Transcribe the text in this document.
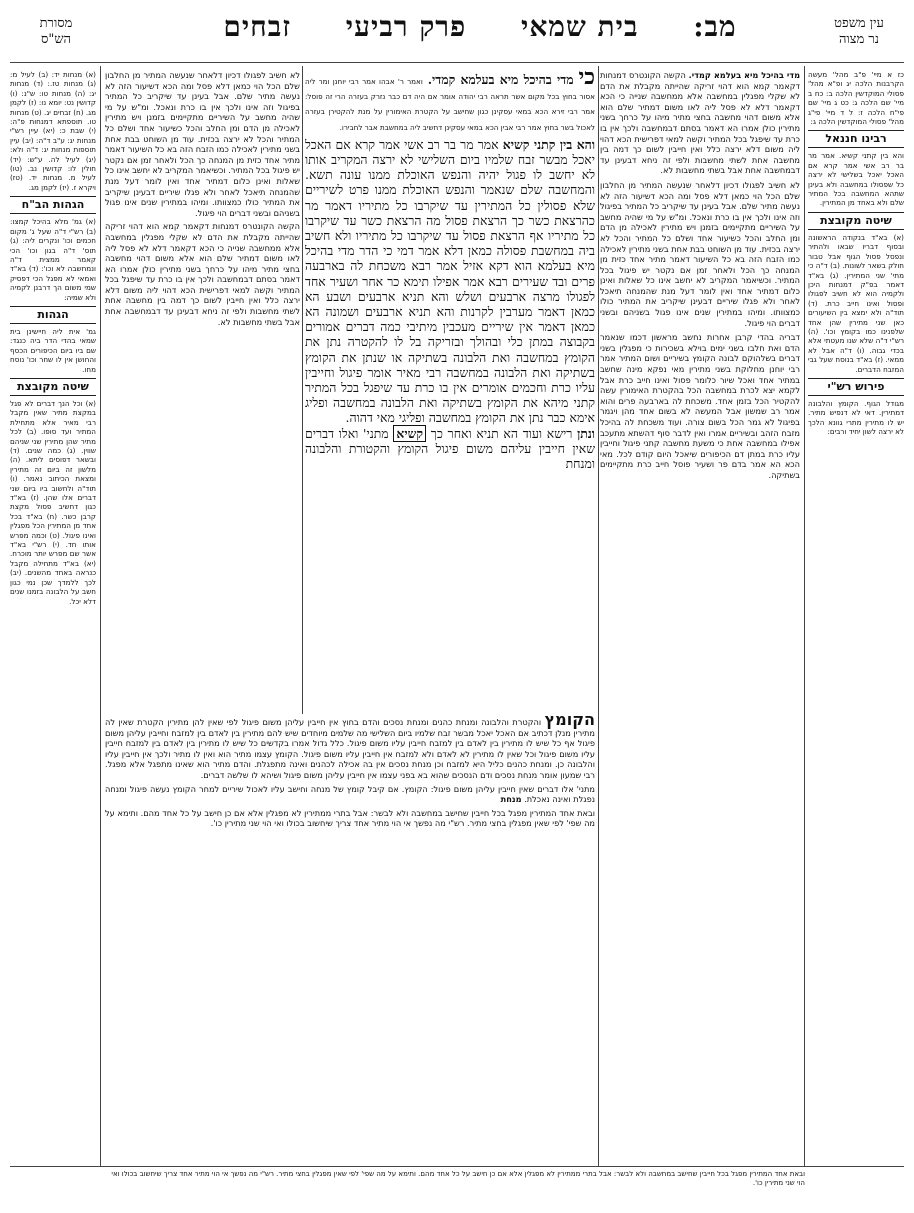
מסורת
הש"ס	מב: בית שמאי פרק רביעי זבחים	עין משפט
נר מצוה

כז א מיי' פ"ב מהל' מעשה הקרבנות הלכה יג ופ"א מהל' פסולי המוקדשין הלכה ב: כח ב מיי' שם הלכה ג: כט ג מיי' שם פי"ח הלכה ז: ל ד מיי' פי"ג מהל' פסולי המוקדשין הלכה ג:

רבינו חננאל

והא בין קתני קשיא. אמר מר בר רב אשי אמר קרא אם האכל יאכל בשלישי לא ירצה כל שפסולו במחשבה ולא בעינן שתהא המחשבה בכל המתיר שלם ולא באחד מן המתירין.

שיטה מקובצת

(א) בא"ד בנקודה הראשונה ובסוף דבריו שבאו ולהתיר ונפסל פסול הגוף אבל טבור חולק בשאר לשונות. (ב) ד"ה כי מתי' שני המתירין. (ג) בא"ד דאמר בפ"ק דמנחות היכן ולקמיה הוא לא חשיב לפגולו ופסול ואינו חייב כרת. (ד) תוד"ה ולא ימצא בין השיעורים כאן שני מתירין שהן אחד שלפנינו כמו בקומץ וכו'. (ה) רש"י ד"ה שלא שנו מעטתי אלא בכדי גבוה. (ו) ד"ה אבל לא ממאי. (ז) בא"ד בנוסח שעל גבי המזבח הדברים.

פירוש רש"י

מגודל הגוף. הקומץ והלבונה דמתירין. דאי לא דנפיש מתיר. יש לו מתירין מתרי גוונא הלכך לא ירצה לשון יחיד ורבים:

מדי בהיכל מיא בעלמא קמדי. הקשה הקונטרס דמנחות דקאמר קמא הוא דהוי זריקה שהייתה מקבלת את הדם לא שקלי מפגלין במחשבה אלא ממחשבה שנייה כי הכא דקאמר דלא לא פסל ליה לאו משום דמתיר שלם הוא אלא משום דהוי מחשבה בחצי מתיר מיהו על כרחך בשני מתירין כולן אמרו הא דאמר בסתם דבמחשבה ולכך אין בו כרת עד שיפגל בכל המתיר וקשה למאי דפרישית הכא דהוי ליה משום דלא ירצה כלל ואין חייבין לשום כך דמה בין מחשבה אחת לשתי מחשבות ולפי זה ניחא דבעינן עד דבמחשבה אחת אבל בשתי מחשבות לא.

לא חשיב לפגולו דכיון דלאחר שנעשה המתיר מן החלבון שלם הכל הוי כמאן דלא פסל ומה הכא דשיעור הזה לא נעשה מתיר שלם. אבל בעינן עד שיקריב כל המתיר בפיגול וזה אינו ולכך אין בו כרת ונאכל. ומ"ש על מי שהיה מחשב על השיריים מתקיימים בזמנן ויש מתירין לאכילה מן הדם ומן החלב והכל כשיעור אחד ושלם כל המתיר והכל לא ירצה בכזית. עוד מן השוחט בבת אחת בשני מתירין לאכילה כמו הזבח הזה בא כל השיעור דאמר מתיר אחד כזית מן המנחה כך הכל ולאחר זמן אם נקטר יש פיגול בכל המתיר. וכשיאמר המקריב לא יחשב אינו כל שאלות ואינן כלום דמתיר אחד ואין לומר דעל מנת שהמנחה תיאכל לאחר ולא פגלו שיריים דבעינן שיקריב את המתיר כולו כמצוותו. ומיהו במתירין שנים אינו פגול בשניהם ובשני דברים הוי פיגול.

דבריה בהדי קרבן אחרות נחשב מראשון דכמו שנאמר הדם ואת חלבו בשני ימים בוילא בשכירות כי מפגלין בשני דברים בשלהוקם לבונה הקומץ בשיריים ושום המתיר אמר רבי יוחנן מחלוקת בשני מתירין מאי נפקא מינה שחשב במתיר אחד ואכל שיור כלומר פסול ואינו חייב כרת אבל לקמא יצא לכרת במחשבה הכל בהקטרת האימורין עשה להקטיר הכל בזמן אחד. משכחת לה בארבעה פרים והוא אמר רב שמשון אבל המעשה לא בשום אחד מהן ויגמר בפיגול לא גמר הכל בשום צורה. ועוד משכחת לה בהיכל מזבח הזהב ובשיריים אמרו ואין לדבר סוף דהשתא מתעכב אפילו במחשבה אחת כי משעת מחשבה קתני פיגול וחייבין עליו כרת במתן דם הכיפורים שיאכל היום קודם לכל. מאי הכא הא אמר בדם פר ושעיר פוסל חייב כרת מתקיימים בשתיקה.

כי מדי בהיכל מיא בעלמא קמדי. ואמר ר' אבהו אמר רבי יוחנן ומר ליה אסור בחוץ בכל מקום אשר תראה רבי יהודה אומר אם היה דם כבר נזרק בעזרה הרי זה פוסל: אמר רבי זירא הכא במאי עסקינן כגון שחישב על הקטרת האימורין על מנת להקטירן בעזרה לאכול בשר בחוץ אמר רבי אבין הכא במאי עסקינן דחשיב ליה במחשבת אבר לחבירו.

והא בין קתני קשיא אמר מר בר רב אשי אמר קרא אם האכל יאכל מבשר זבח שלמיו ביום השלישי לא ירצה המקריב אותו לא יחשב לו פגול יהיה והנפש האוכלת ממנו עונה תשא. והמחשבה שלם שנאמר והנפש האוכלת ממנו פרט לשיריים שלא פסולין כל המתירין עד שיקרבו כל מתיריו דאמר מר כהרצאת כשר כך הרצאת פסול מה הרצאת כשר עד שיקרבו כל מתיריו אף הרצאת פסול עד שיקרבו כל מתיריו ולא חשיב ביה במחשבת פסולה כמאן דלא אמר דמי כי הדר מדי בהיכל מיא בעלמא הוא דקא אזיל אמר רבא משכחת לה בארבעה פרים ובד שעירים רבא אמר אפילו תימא כר אחר ושעיר אחד לפגולו מרצה ארבעים ושלש והא תניא ארבעים ושבע הא כמאן דאמר מערבין לקרנות והא תניא ארבעים ושמונה הא כמאן דאמר אין שיריים מעכבין מיתיבי כמה דברים אמורים בקבוצה במתן כלי ובהולך ובזריקה בל לו להקטרה נתן את הקומץ במחשבה ואת הלבונה בשתיקה או שנתן את הקומץ בשתיקה ואת הלבונה במחשבה רבי מאיר אומר פיגול וחייבין עליו כרת וחכמים אומרים אין בו כרת עד שיפגל בכל המתיר קתני מיהא את הקומץ בשתיקה ואת הלבונה במחשבה ופליג אימא כבר נתן את הקומץ במחשבה ופליגי מאי דהוה.

ונתן רישא ועוד הא תניא ואחר כך קשיא מתני' ואלו דברים שאין חייבין עליהם משום פיגול הקומץ והקטורת והלבונה ומנחת

לא חשיב לפגולו דכיון דלאחר שנעשה המתיר מן החלבון שלם הכל הוי כמאן דלא פסל ומה הכא דשיעור הזה לא נעשה מתיר שלם. אבל בעינן עד שיקריב כל המתיר בפיגול וזה אינו ולכך אין בו כרת ונאכל. ומ"ש על מי שהיה מחשב על השיריים מתקיימים בזמנן ויש מתירין לאכילה מן הדם ומן החלב והכל כשיעור אחד ושלם כל המתיר והכל לא ירצה בכזית. עוד מן השוחט בבת אחת בשני מתירין לאכילה כמו הזבח הזה בא כל השיעור דאמר מתיר אחד כזית מן המנחה כך הכל ולאחר זמן אם נקטר יש פיגול בכל המתיר. וכשיאמר המקריב לא יחשב אינו כל שאלות ואינן כלום דמתיר אחד ואין לומר דעל מנת שהמנחה תיאכל לאחר ולא פגלו שיריים דבעינן שיקריב את המתיר כולו כמצוותו. ומיהו במתירין שנים אינו פגול בשניהם ובשני דברים הוי פיגול.

הקשה הקונטרס דמנחות דקאמר קמא הוא דהוי זריקה שהייתה מקבלת את הדם לא שקלי מפגלין במחשבה אלא ממחשבה שנייה כי הכא דקאמר דלא לא פסל ליה לאו משום דמתיר שלם הוא אלא משום דהוי מחשבה בחצי מתיר מיהו על כרחך בשני מתירין כולן אמרו הא דאמר בסתם דבמחשבה ולכך אין בו כרת עד שיפגל בכל המתיר וקשה למאי דפרישית הכא דהוי ליה משום דלא ירצה כלל ואין חייבין לשום כך דמה בין מחשבה אחת לשתי מחשבות ולפי זה ניחא דבעינן עד דבמחשבה אחת אבל בשתי מחשבות לא.

הקומץ והקטרת והלבונה ומנחת כהנים ומנחת נסכים והדם בחוץ אין חייבין עליהן משום פיגול לפי שאין להן מתירין הקטרת שאין לה מתירין מנלן דכתיב אם האכל יאכל מבשר זבח שלמיו ביום השלישי מה שלמים מיוחדים שיש להם מתירין בין לאדם בין למזבח וחייבין עליהן משום פיגול אף כל שיש לו מתירין בין לאדם בין למזבח חייבין עליו משום פיגול. כלל גדול אמרו בקדשים כל שיש לו מתירין בין לאדם בין למזבח חייבין עליו משום פיגול וכל שאין לו מתירין לא לאדם ולא למזבח אין חייבין עליו משום פיגול. הקומץ עצמו מתיר הוא ואין לו מתיר ולכך אין חייבין עליו והלבונה כן. ומנחת כהנים כליל היא למזבח וכן מנחת נסכים אין בה אכילה לכהנים ואינה מתפגלת. והדם מתיר הוא שאינו מתפגל אלא מפגל. רבי שמעון אומר מנחת נסכים ודם הנסכים שהוא בא בפני עצמו אין חייבין עליהן משום פיגול ושיהא לו שלשה דברים.

מתני' אלו דברים שאין חייבין עליהן משום פיגול: הקומץ. אם קיבל קומץ של מנחה וחישב עליו לאכול שיריים למחר הקומץ נעשה פיגול ומנחה נפגלת ואינה נאכלת. מנחת

ובאת אחד המתירין מפגל בכל חייבין שחישב במחשבה ולא לבשר: אבל בתרי ממתירין לא מפגלין אלא אם כן חישב על כל אחד מהם. ותימא על מה שפי' לפי שאין מפגלין בחצי מתיר. רש"י מה נפשך אי הוי מתיר אחד צריך שיחשוב בכולו ואי הוי שני מתירין כו'.

(א) מנחות יד: (ב) לעיל מ: (ג) מנחות טז.: (ד) מנחות יג: (ה) מנחות טו: ש"נ: (ו) קדושין נט: יומא נו: (ז) לקמן מג. (ח) זבחים יג. (ט) מנחות טו. תוספתא דמנחות פ"ה: (י) שבת כ: (יא) עיין רש"י מנחות יג: ע"ב ד"ה: (יב) עיין תוספות מנחות יג: ד"ה ולא: (יג) לעיל לה. ע"ש: (יד) חולין לו: קדושין נב. (טו) לעיל מ. מנחות יד. (טז) ויקרא ז. (יז) לקמן מג.

הגהות הב"ח

(א) גמ' מלא בהיכל קמצו: (ב) רש"י ד"ה שעל ג' מקום חכמים וכו' ונקרים ליה: (ג) תוס' ד"ה בגון וכו' הכי קאמר ממצית ד"ה ונמחשבה לא וכו': (ד) בא"ד ואמאי לא מפגל הכי דפסיק שמי משום הך דרבנן לקמיה ולא שמיה:

הגהות

גמ' אית ליה חיישינן בית שמאי בהדי הדר ביה כנגד: שם ביו ביום הכיפורים הכסף והחושן אין לו שחר וכו' נוסח מחו.

שיטה מקובצת

(א) וכל הנך דברים לא פגל במקצת מתיר שאין מקבל רבי מאיר אלא מתחילת המתיר ועד סופו. (ב) לכל מתיר שהן מתירין שני שניהם שווין. (ג) כמה שנים. (ד) ובשאר דפוסים ליתא. (ה) מלשון זה ביום זה מתירין ומצאת הכיתוב נאמר. (ו) תוד"ה ולחשוב ביו ביום שני דברים אלו שהן. (ז) בא"ד כגון דחשיב פסול מקצת קרבן כשר. (ח) בא"ד בכל אחד מן המתירין הכל מפגלין ואינו פיגול. (ט) וכמה מפרש אותו חד. (י) רש"י בא"ד אשר שם מפרש יותר מוכרח. (יא) בא"ד מתחילה מקבל כנראה באחד מהשנים. (יב) לכך ללמדך שכן נמי כגון חשב על הלבונה בזמנו שנים דלא יכל.

ובאת אחד המתירין מפגל בכל חייבין שחישב במחשבה ולא לבשר: אבל בתרי ממתירין לא מפגלין אלא אם כן חישב על כל אחד מהם. ותימא על מה שפי' לפי שאין מפגלין בחצי מתיר. רש"י מה נפשך אי הוי מתיר אחד צריך שיחשוב בכולו ואי הוי שני מתירין כו'.
